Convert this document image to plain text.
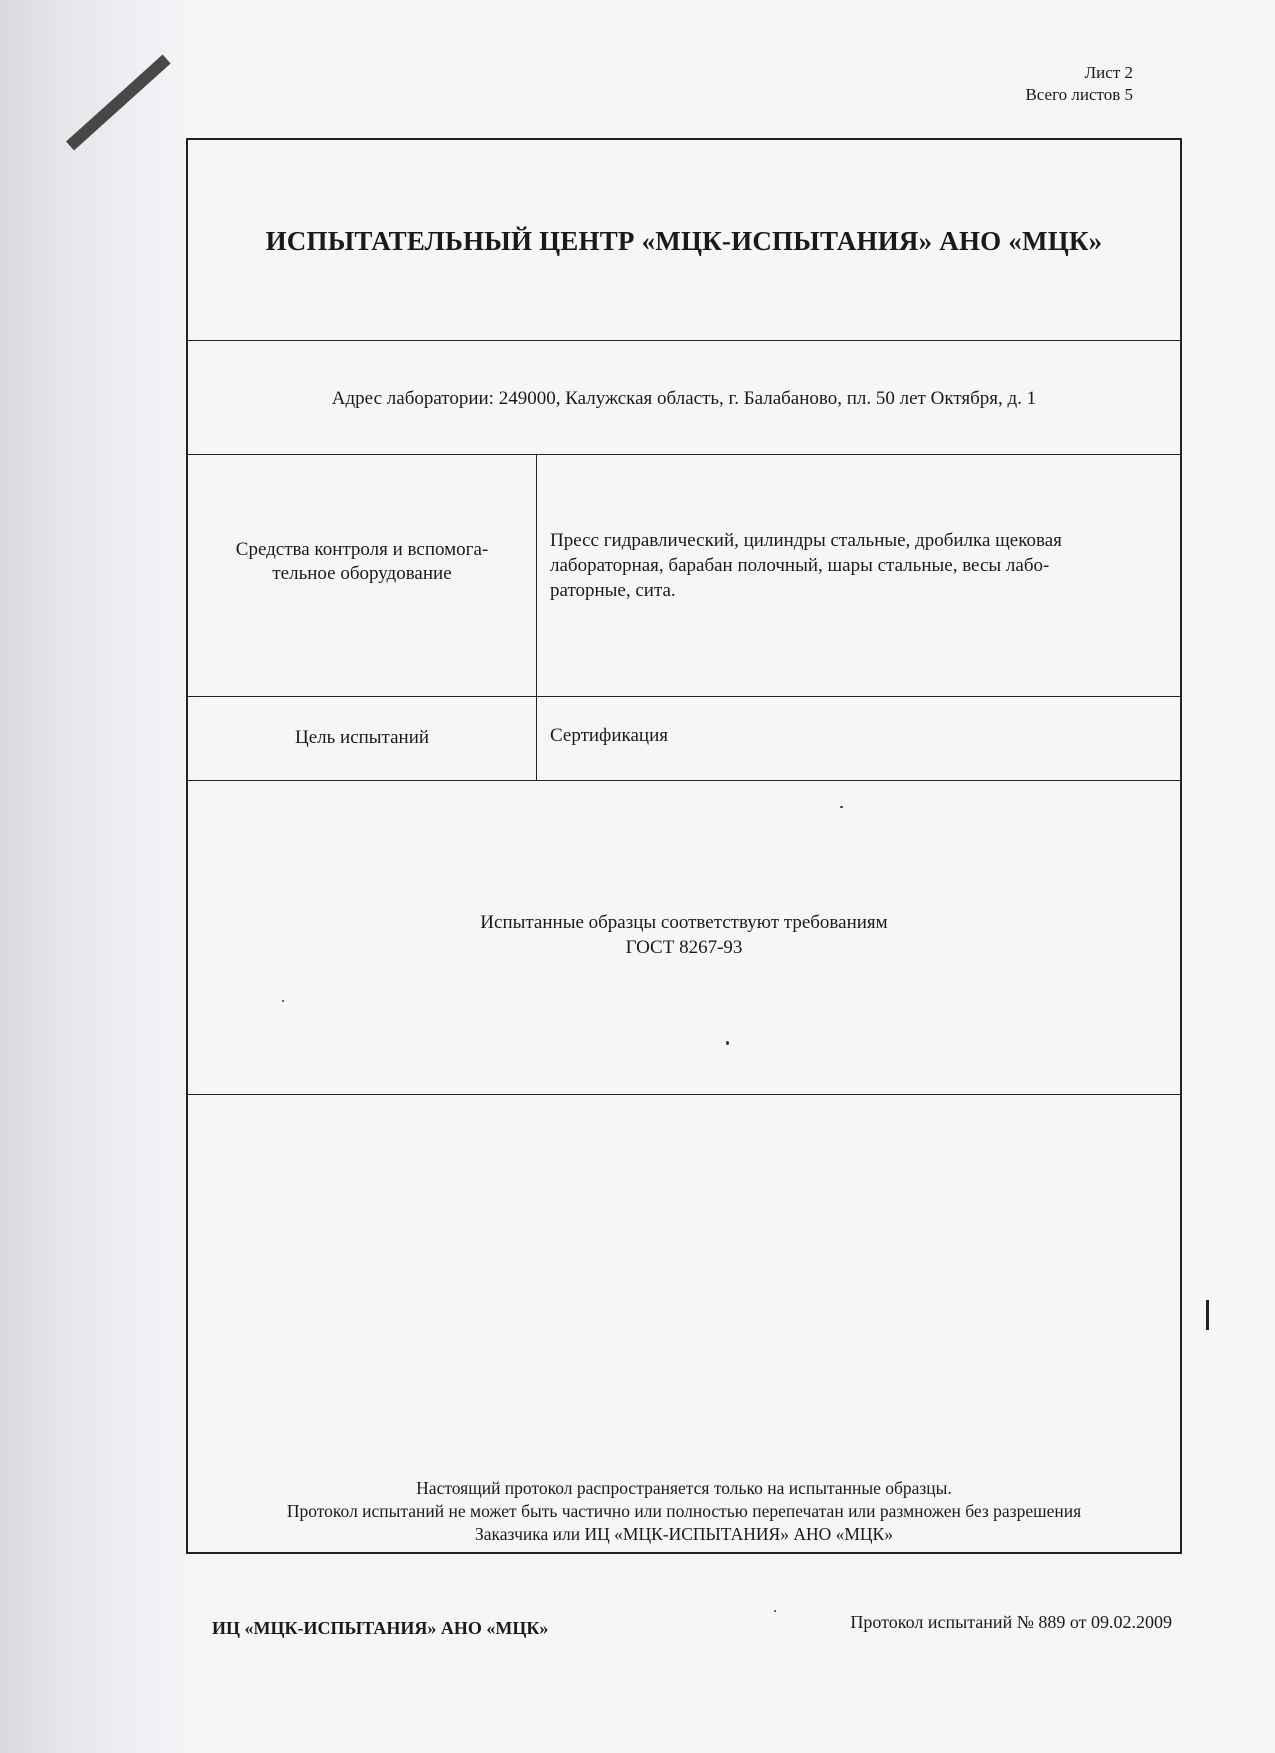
Лист 2
Всего листов 5
ИСПЫТАТЕЛЬНЫЙ ЦЕНТР «МЦК-ИСПЫТАНИЯ» АНО «МЦК»
Адрес лаборатории: 249000, Калужская область, г. Балабаново, пл. 50 лет Октября, д. 1
Средства контроля и вспомога-
тельное оборудование
Пресс гидравлический, цилиндры стальные, дробилка щековая
лабораторная, барабан полочный, шары стальные, весы лабо-
раторные, сита.
Цель испытаний	Сертификация
Испытанные образцы соответствуют требованиям
ГОСТ 8267-93
Настоящий протокол распространяется только на испытанные образцы.
Протокол испытаний не может быть частично или полностью перепечатан или размножен без разрешения
Заказчика или ИЦ «МЦК-ИСПЫТАНИЯ» АНО «МЦК»
ИЦ «МЦК-ИСПЫТАНИЯ» АНО «МЦК»	Протокол испытаний № 889 от 09.02.2009
